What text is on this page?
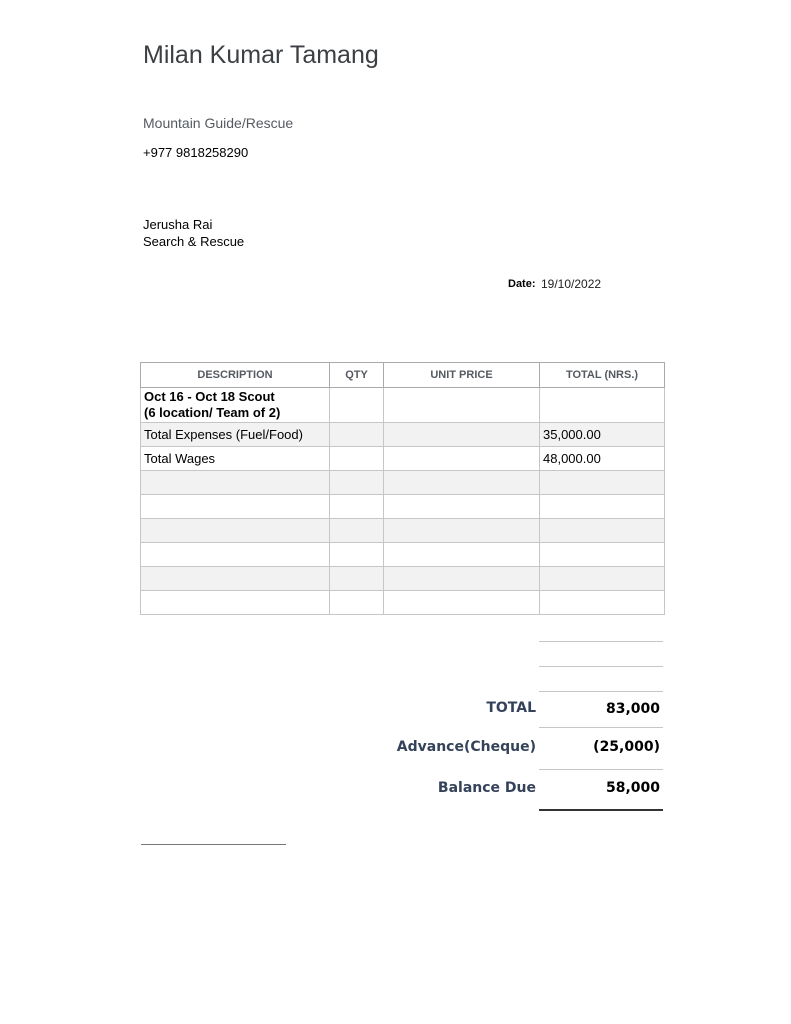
Milan Kumar Tamang
Mountain Guide/Rescue
+977 9818258290
Jerusha Rai
Search & Rescue
Date: 19/10/2022
DESCRIPTION	QTY	UNIT PRICE	TOTAL (NRS.)

Oct 16 - Oct 18 Scout
(6 location/ Team of 2)			

Total Expenses (Fuel/Food)			35,000.00
Total Wages			48,000.00

TOTAL	83,000
Advance(Cheque)	(25,000)
Balance Due	58,000
